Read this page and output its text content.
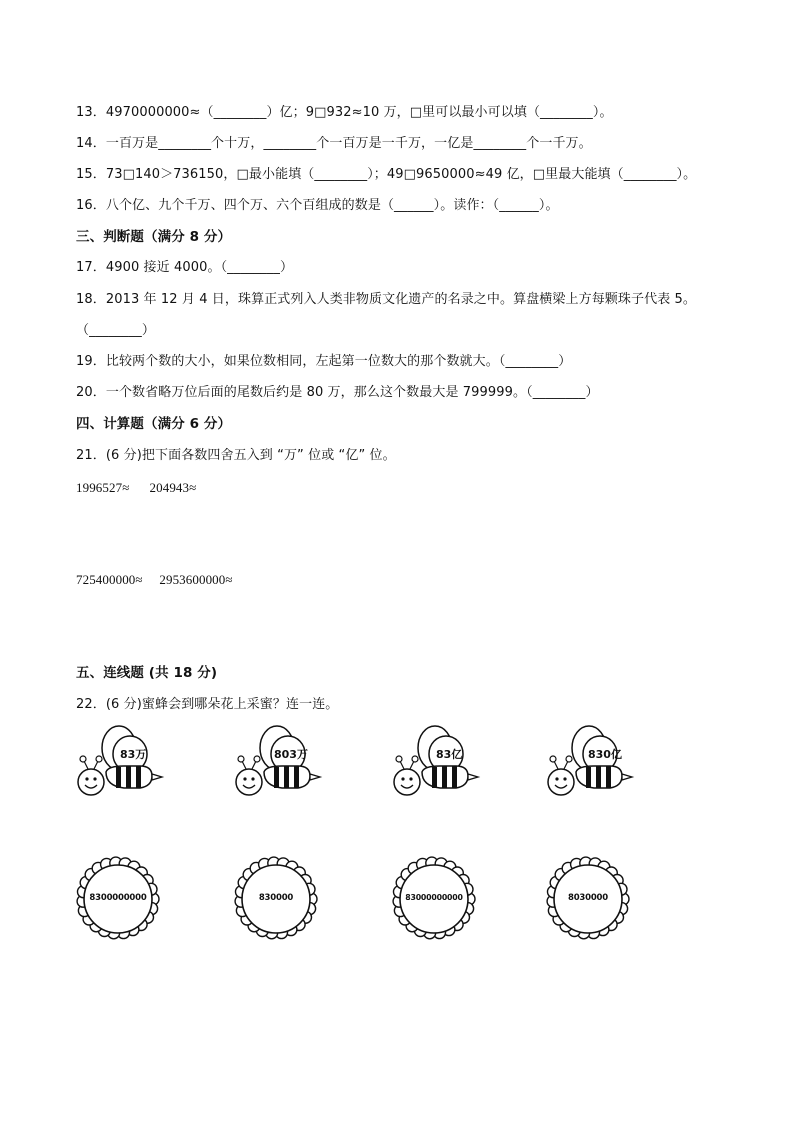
13．4970000000≈（________）亿；9□932≈10 万，□里可以最小可以填（________）。
14．一百万是________个十万，________个一百万是一千万，一亿是________个一千万。
15．73□140＞736150，□最小能填（________）；49□9650000≈49 亿，□里最大能填（________）。
16．八个亿、九个千万、四个万、六个百组成的数是（______）。读作：（______）。
三、判断题（满分 8 分）
17．4900 接近 4000。（________）
18．2013 年 12 月 4 日，珠算正式列入人类非物质文化遗产的名录之中。算盘横梁上方每颗珠子代表 5。
（________）
19．比较两个数的大小，如果位数相同，左起第一位数大的那个数就大。（________）
20．一个数省略万位后面的尾数后约是 80 万，那么这个数最大是 799999。（________）
四、计算题（满分 6 分）
21．(6 分)把下面各数四舍五入到 “万” 位或 “亿” 位。
1996527≈      204943≈
725400000≈     2953600000≈
五、连线题 (共 18 分)
22．(6 分)蜜蜂会到哪朵花上采蜜？连一连。
83万	803万	83亿	830亿
8300000000	830000	83000000000	8030000
